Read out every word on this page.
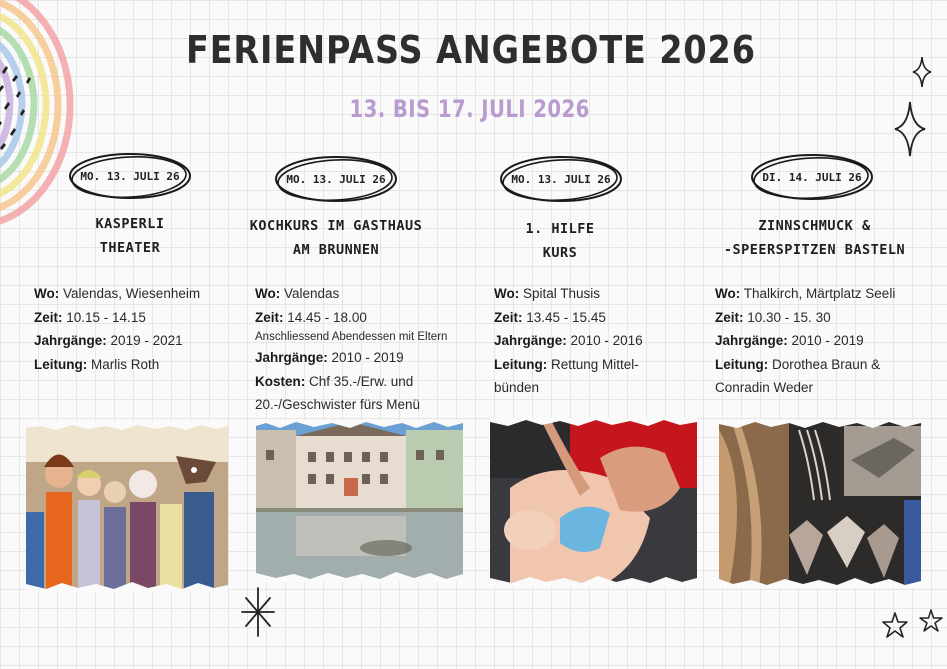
FERIENPASS ANGEBOTE 2026
13. BIS 17. JULI 2026
MO. 13. JULI 26
KASPERLI
THEATER
Wo: Valendas, Wiesenheim
Zeit: 10.15 - 14.15
Jahrgänge: 2019 - 2021
Leitung: Marlis Roth
MO. 13. JULI 26
KOCHKURS IM GASTHAUS
AM BRUNNEN
Wo: Valendas
Zeit: 14.45 - 18.00
Anschliessend Abendessen mit Eltern
Jahrgänge: 2010 - 2019
Kosten: Chf 35.-/Erw. und
20.-/Geschwister fürs Menü
MO. 13. JULI 26
1. HILFE
KURS
Wo: Spital Thusis
Zeit: 13.45 - 15.45
Jahrgänge: 2010 - 2016
Leitung: Rettung Mittel-
bünden
DI. 14. JULI 26
ZINNSCHMUCK &
-SPEERSPITZEN BASTELN
Wo: Thalkirch, Märtplatz Seeli
Zeit: 10.30 - 15. 30
Jahrgänge: 2010 - 2019
Leitung: Dorothea Braun &
Conradin Weder
